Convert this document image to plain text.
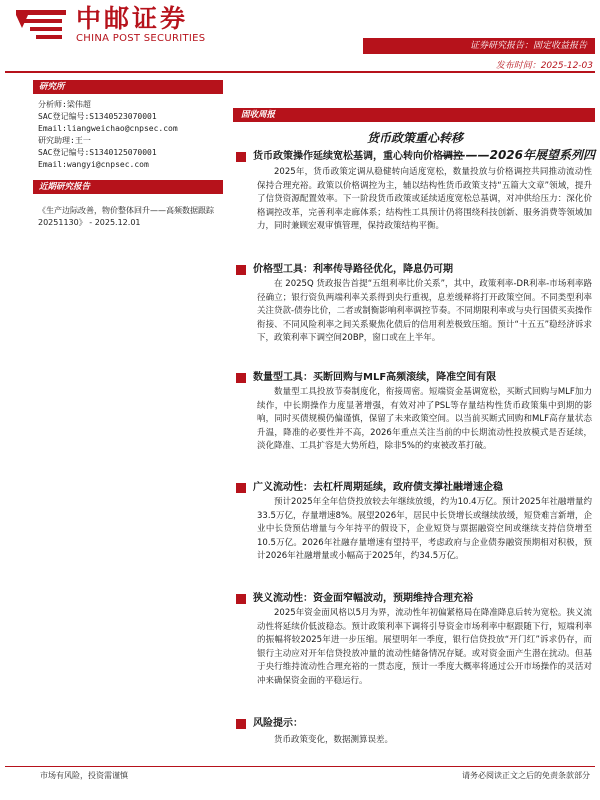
中邮证券
CHINA POST SECURITIES
证券研究报告：固定收益报告
发布时间：2025-12-03
研究所
分析师:梁伟超
SAC登记编号:S1340523070001
Email:liangweichao@cnpsec.com
研究助理:王一
SAC登记编号:S1340125070001
Email:wangyi@cnpsec.com
近期研究报告
《生产边际改善，物价整体回升——高频数据跟踪 20251130》 - 2025.12.01
固收周报
货币政策重心转移
————2026年展望系列四
货币政策操作延续宽松基调，重心转向价格调控
2025年，货币政策定调从稳健转向适度宽松，数量投放与价格调控共同推动流动性保持合理充裕。政策以价格调控为主，辅以结构性货币政策支持“五篇大文章”领域，提升了信贷资源配置效率。下一阶段货币政策或延续适度宽松总基调，对冲供给压力：深化价格调控改革，完善利率走廊体系；结构性工具预计仍将围绕科技创新、服务消费等领域加力，同时兼顾宏观审慎管理，保持政策结构平衡。
价格型工具：利率传导路径优化，降息仍可期
在 2025Q 货政报告首提“五组利率比价关系”，其中，政策利率-DR利率-市场利率路径确立；银行资负两端利率关系得到央行重视，息差缓释将打开政策空间。不同类型利率关注贷款-债券比价，二者或制衡影响利率调控节奏。不同期限利率或与央行国债买卖操作衔接、不同风险利率之间关系聚焦化债后的信用利差极致压缩。预计“十五五”稳经济诉求下，政策利率下调空间20BP，窗口或在上半年。
数量型工具：买断回购与MLF高频滚续，降准空间有限
数量型工具投放节奏制度化，衔接周密。短端资金基调宽松，买断式回购与MLF加力续作，中长期操作力度显著增强，有效对冲了PSL等存量结构性货币政策集中到期的影响，同时买债规模仍偏谨慎，保留了未来政策空间。以当前买断式回购和MLF高存量状态升温，降准的必要性并不高，2026年重点关注当前的中长期流动性投放模式是否延续，淡化降准、工具扩容是大势所趋，除非5%的约束被改革打破。
广义流动性：去杠杆周期延续，政府债支撑社融增速企稳
预计2025年全年信贷投放较去年继续放缓，约为10.4万亿。预计2025年社融增量约33.5万亿，存量增速8%。展望2026年，居民中长贷增长或继续放缓，短贷难言新增，企业中长贷预估增量与今年持平的假设下，企业短贷与票据融资空间或继续支持信贷增至10.5万亿。2026年社融存量增速有望持平，考虑政府与企业债券融资预期相对积极，预计2026年社融增量或小幅高于2025年，约34.5万亿。
狭义流动性：资金面窄幅波动，预期维持合理充裕
2025年资金面风格以5月为界，流动性年初偏紧格局在降准降息后转为宽松。狭义流动性将延续价低波稳态。预计政策利率下调将引导资金市场利率中枢跟随下行，短端利率的振幅将较2025年进一步压缩。展望明年一季度，银行信贷投放“开门红”诉求仍存，而银行主动应对开年信贷投放冲量的流动性储备情况存疑。或对资金面产生潜在扰动。但基于央行维持流动性合理充裕的一贯态度，预计一季度大概率将通过公开市场操作的灵活对冲来确保资金面的平稳运行。
风险提示：
货币政策变化，数据测算误差。
市场有风险，投资需谨慎	请务必阅读正文之后的免责条款部分
